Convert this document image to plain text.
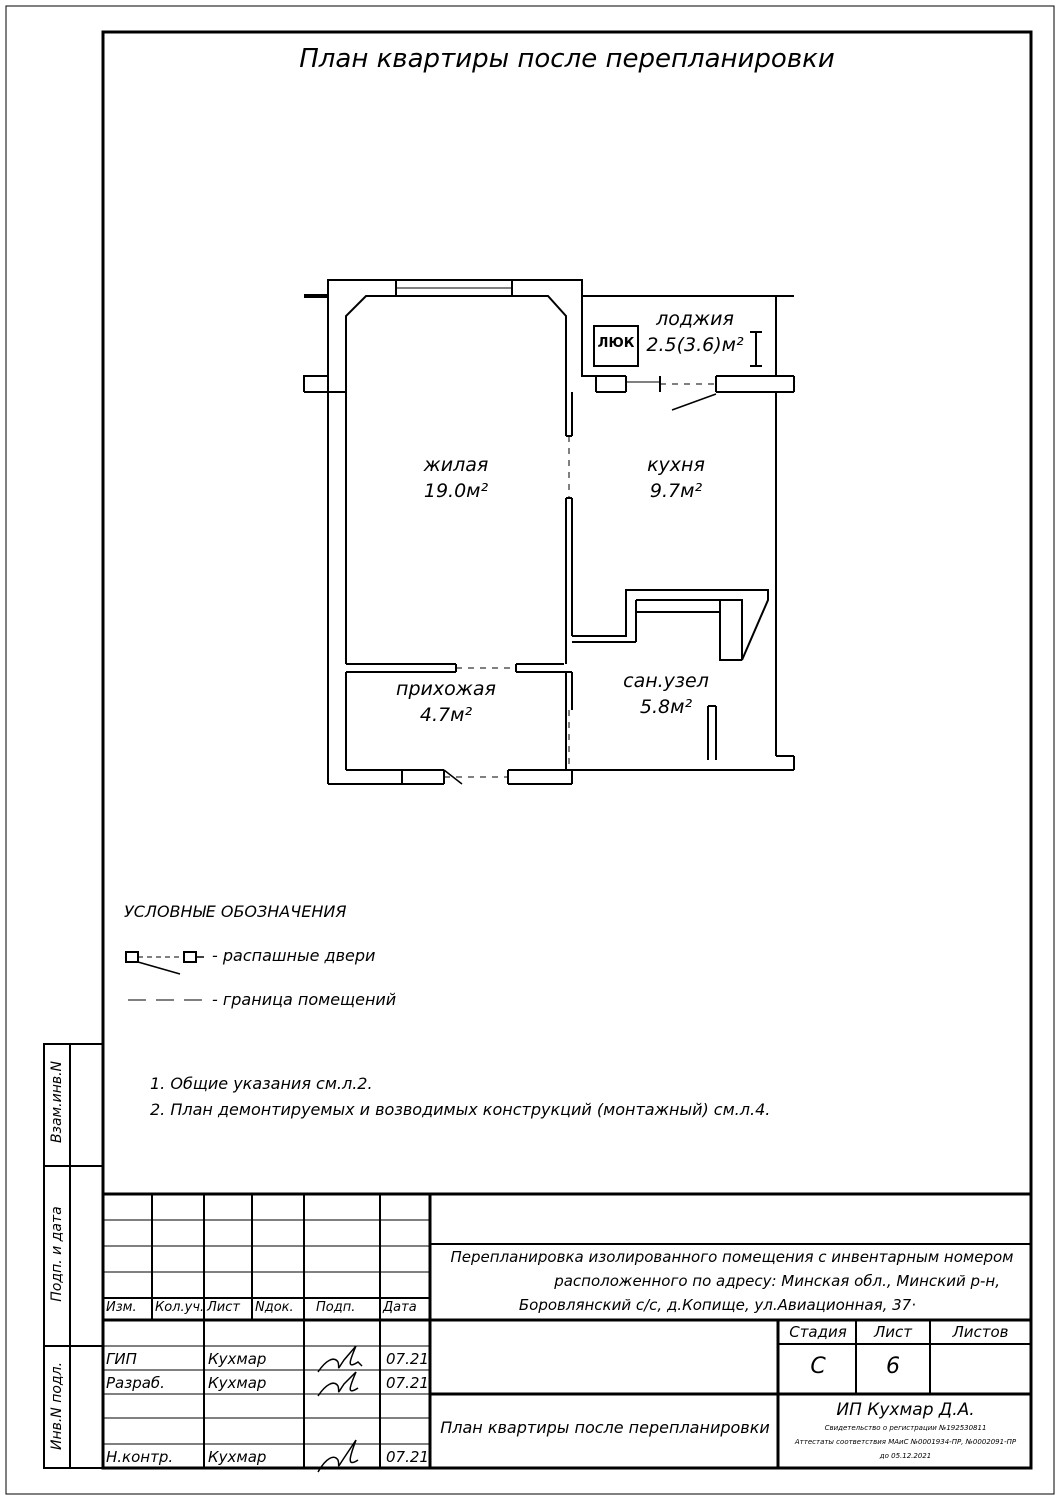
План квартиры после перепланировки
жилая
19.0м²
кухня
9.7м²
прихожая
4.7м²
сан.узел
5.8м²
лоджия
2.5(3.6)м²
ЛЮК
УСЛОВНЫЕ ОБОЗНАЧЕНИЯ
- распашные двери
- граница помещений
1. Общие указания см.л.2.
2. План демонтируемых и возводимых конструкций (монтажный) см.л.4.
Взам.инв.N
Подп. и дата
Инв.N подл.
Перепланировка изолированного помещения с инвентарным номером
расположенного по адресу: Минская обл., Минский р-н,
Боровлянский с/с, д.Копище, ул.Авиационная, 37·
Изм.	Кол.уч. Лист	Nдок.	Подп.	Дата
ГИП	Кухмар	07.21
Разраб.	Кухмар	07.21
Н.контр. Кухмар	07.21
Стадия	Лист	Листов
С	6
План квартиры после перепланировки
ИП Кухмар Д.А.
Свидетельство о регистрации №192530811
Аттестаты соответствия МАиС №0001934-ПР, №0002091-ПР
до 05.12.2021
